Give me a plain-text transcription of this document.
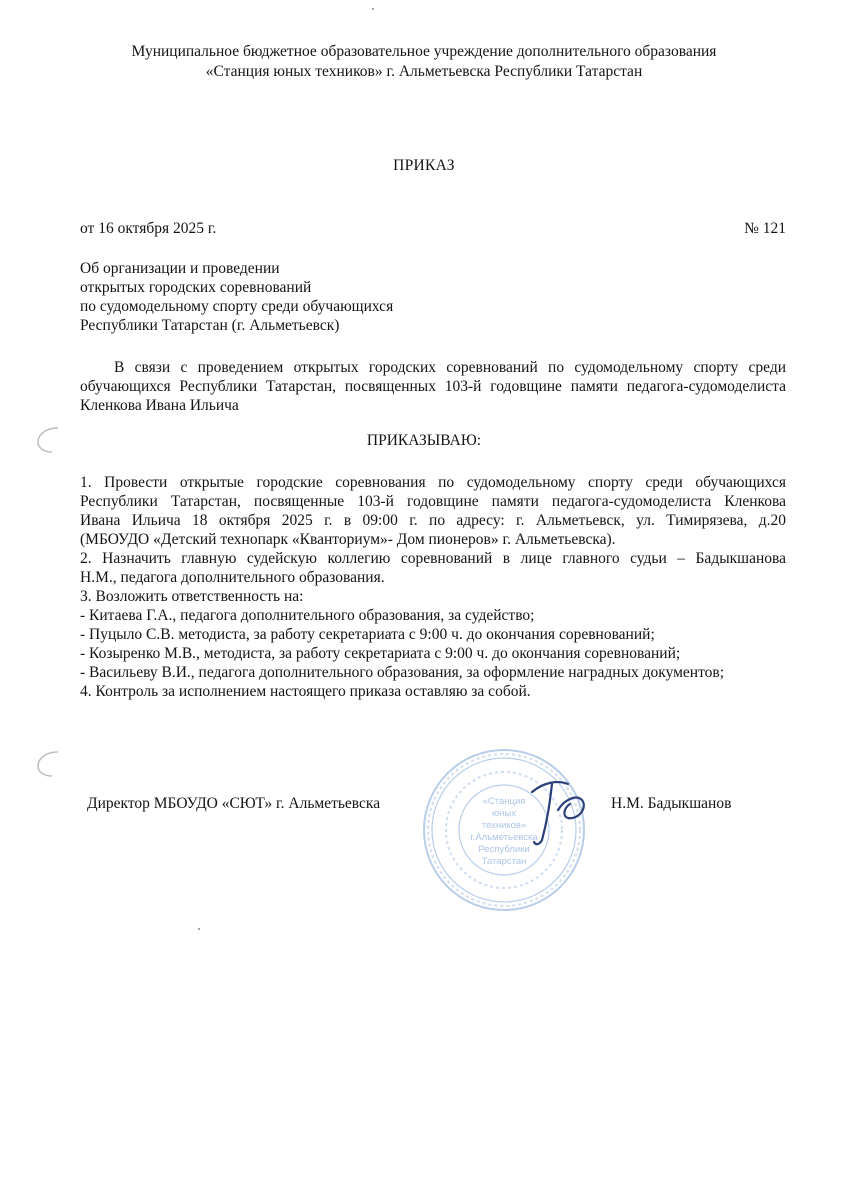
Муниципальное бюджетное образовательное учреждение дополнительного образования
«Станция юных техников» г. Альметьевска Республики Татарстан
ПРИКАЗ
от 16 октября 2025 г.	№ 121
Об организации и проведении
открытых городских соревнований
по судомодельному спорту среди обучающихся
Республики Татарстан (г. Альметьевск)

В связи с проведением открытых городских соревнований по судомодельному спорту среди обучающихся Республики Татарстан, посвященных 103-й годовщине памяти педагога-судомоделиста Кленкова Ивана Ильича

ПРИКАЗЫВАЮ:
1. Провести открытые городские соревнования по судомодельному спорту среди обучающихся
Республики Татарстан, посвященные 103-й годовщине памяти педагога-судомоделиста Кленкова
Ивана Ильича 18 октября 2025 г. в 09:00 г. по адресу: г. Альметьевск, ул. Тимирязева, д.20
(МБОУДО «Детский технопарк «Кванториум»- Дом пионеров» г. Альметьевска).
2. Назначить главную судейскую коллегию соревнований в лице главного судьи – Бадыкшанова
Н.М., педагога дополнительного образования.
3. Возложить ответственность на:
- Китаева Г.А., педагога дополнительного образования, за судейство;
- Пуцыло С.В. методиста, за работу секретариата с 9:00 ч. до окончания соревнований;
- Козыренко М.В., методиста, за работу секретариата с 9:00 ч. до окончания соревнований;
- Васильеву В.И., педагога дополнительного образования, за оформление наградных документов;
4. Контроль за исполнением настоящего приказа оставляю за собой.
«Станция
юных
техников»
г.Альметьевска
Республики
Татарстан
Директор МБОУДО «СЮТ» г. Альметьевска	Н.М. Бадыкшанов
